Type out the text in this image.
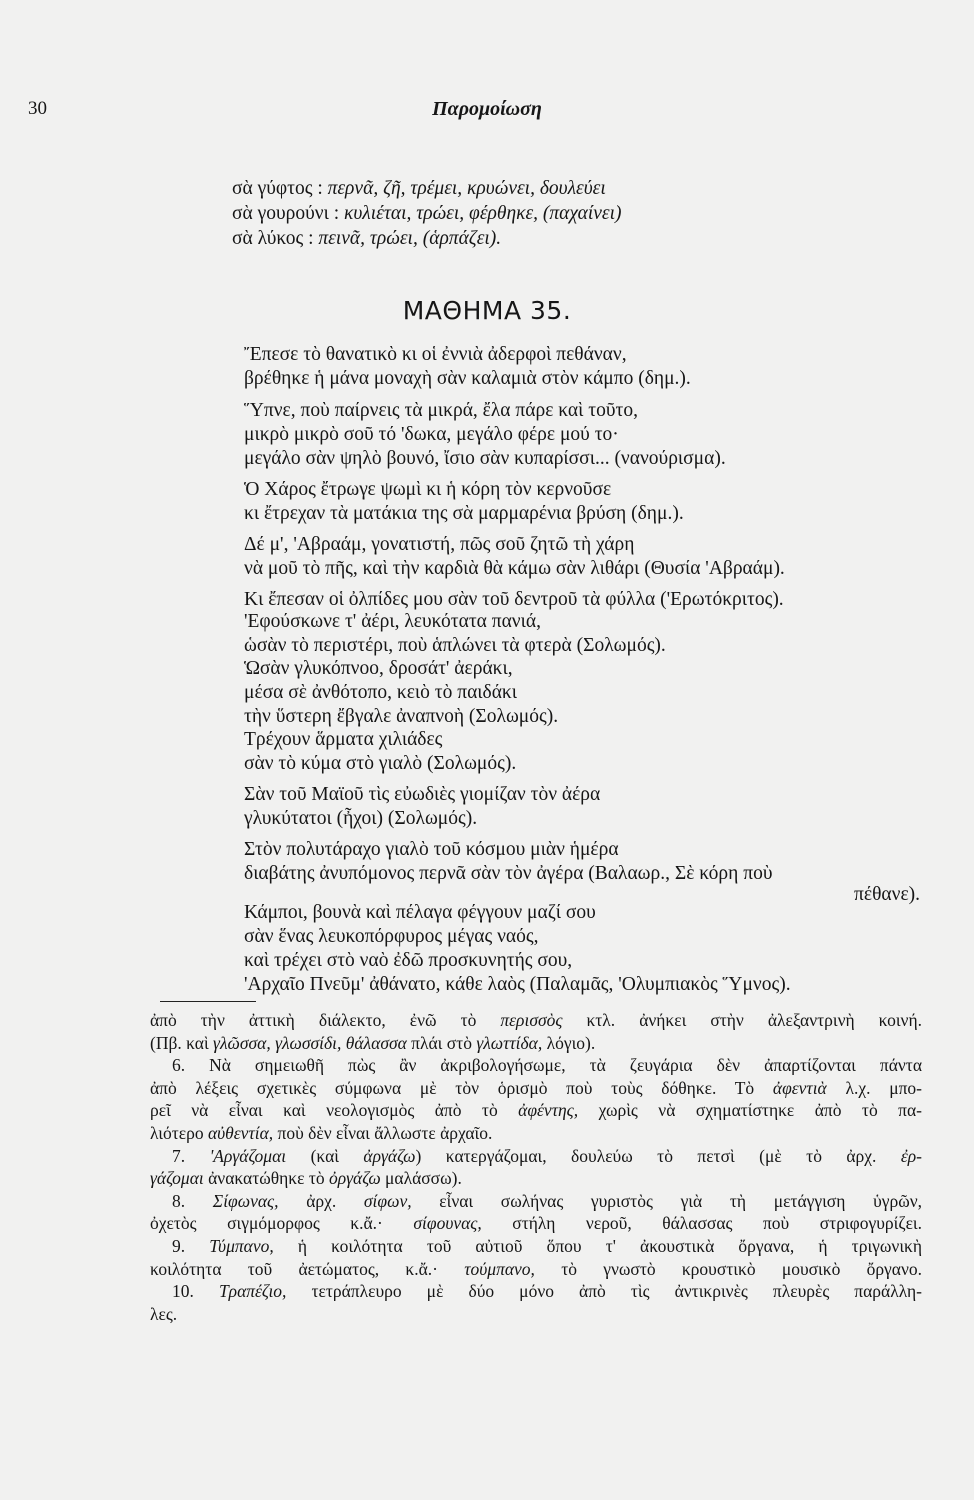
30	Παρομοίωση
σὰ γύφτος : περνᾶ, ζῆ, τρέμει, κρυώνει, δουλεύει
σὰ γουρούνι : κυλιέται, τρώει, φέρθηκε, (παχαίνει)
σὰ λύκος : πεινᾶ, τρώει, (ἁρπάζει).
ΜΑΘΗΜΑ 35.
Ἔπεσε τὸ θανατικὸ κι οἱ ἐννιὰ ἀδερφοὶ πεθάναν,
βρέθηκε ἡ μάνα μοναχὴ σὰν καλαμιὰ στὸν κάμπο (δημ.).
Ὕπνε, ποὺ παίρνεις τὰ μικρά, ἔλα πάρε καὶ τοῦτο,
μικρὸ μικρὸ σοῦ τό 'δωκα, μεγάλο φέρε μού το·
μεγάλο σὰν ψηλὸ βουνό, ἴσιο σὰν κυπαρίσσι... (νανούρισμα).
Ὁ Χάρος ἔτρωγε ψωμὶ κι ἡ κόρη τὸν κερνοῦσε
κι ἔτρεχαν τὰ ματάκια της σὰ μαρμαρένια βρύση (δημ.).
Δέ μ', 'Αβραάμ, γονατιστή, πῶς σοῦ ζητῶ τὴ χάρη
νὰ μοῦ τὸ πῆς, καὶ τὴν καρδιὰ θὰ κάμω σὰν λιθάρι (Θυσία 'Αβραάμ).
Κι ἔπεσαν οἱ ὀλπίδες μου σὰν τοῦ δεντροῦ τὰ φύλλα ('Ερωτόκριτος).
'Εφούσκωνε τ' ἀέρι, λευκότατα πανιά,
ὡσὰν τὸ περιστέρι, ποὺ ἁπλώνει τὰ φτερὰ (Σολωμός).
Ὡσὰν γλυκόπνοο, δροσάτ' ἀεράκι,
μέσα σὲ ἀνθότοπο, κειὸ τὸ παιδάκι
τὴν ὕστερη ἔβγαλε ἀναπνοὴ (Σολωμός).
Τρέχουν ἅρματα χιλιάδες
σὰν τὸ κύμα στὸ γιαλὸ (Σολωμός).
Σὰν τοῦ Μαϊοῦ τὶς εὐωδιὲς γιομίζαν τὸν ἀέρα
γλυκύτατοι (ἦχοι) (Σολωμός).
Στὸν πολυτάραχο γιαλὸ τοῦ κόσμου μιὰν ἡμέρα
διαβάτης ἀνυπόμονος περνᾶ σὰν τὸν ἀγέρα (Βαλαωρ., Σὲ κόρη ποὺ
πέθανε).
Κάμποι, βουνὰ καὶ πέλαγα φέγγουν μαζί σου
σὰν ἕνας λευκοπόρφυρος μέγας ναός,
καὶ τρέχει στὸ ναὸ ἐδῶ προσκυνητής σου,
'Αρχαῖο Πνεῦμ' ἀθάνατο, κάθε λαὸς (Παλαμᾶς, 'Ολυμπιακὸς Ὕμνος).
ἀπὸ τὴν ἀττικὴ διάλεκτο, ἐνῶ τὸ περισσὸς κτλ. ἀνήκει στὴν ἀλεξαντρινὴ κοινή.
(Πβ. καὶ γλῶσσα, γλωσσίδι, θάλασσα πλάι στὸ γλωττίδα, λόγιο).
6. Νὰ σημειωθῆ πὼς ἂν ἀκριβολογήσωμε, τὰ ζευγάρια δὲν ἀπαρτίζονται πάντα
ἀπὸ λέξεις σχετικὲς σύμφωνα μὲ τὸν ὁρισμὸ ποὺ τοὺς δόθηκε. Τὸ ἀφεντιὰ λ.χ. μπο-
ρεῖ νὰ εἶναι καὶ νεολογισμὸς ἀπὸ τὸ ἀφέντης, χωρὶς νὰ σχηματίστηκε ἀπὸ τὸ πα-
λιότερο αὐθεντία, ποὺ δὲν εἶναι ἄλλωστε ἀρχαῖο.
7. 'Αργάζομαι (καὶ ἀργάζω) κατεργάζομαι, δουλεύω τὸ πετσὶ (μὲ τὸ ἀρχ. ἐρ-
γάζομαι ἀνακατώθηκε τὸ ὀργάζω μαλάσσω).
8. Σίφωνας, ἀρχ. σίφων, εἶναι σωλήνας γυριστὸς γιὰ τὴ μετάγγιση ὑγρῶν,
ὀχετὸς σιγμόμορφος κ.ἄ.· σίφουνας, στήλη νεροῦ, θάλασσας ποὺ στριφογυρίζει.
9. Τύμπανο, ἡ κοιλότητα τοῦ αὐτιοῦ ὅπου τ' ἀκουστικὰ ὄργανα, ἡ τριγωνικὴ
κοιλότητα τοῦ ἀετώματος, κ.ἄ.· τούμπανο, τὸ γνωστὸ κρουστικὸ μουσικὸ ὄργανο.
10. Τραπέζιο, τετράπλευρο μὲ δύο μόνο ἀπὸ τὶς ἀντικρινὲς πλευρὲς παράλλη-
λες.
